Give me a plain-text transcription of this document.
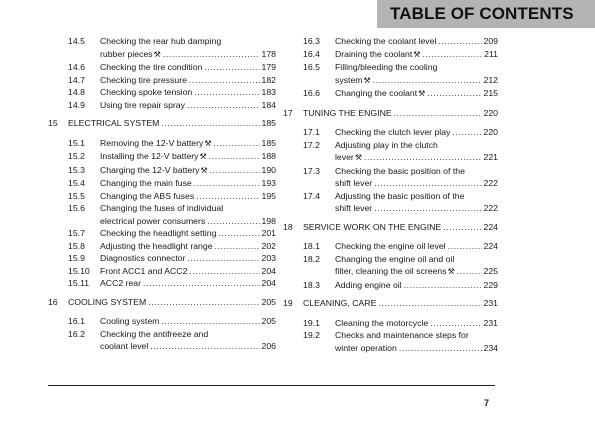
TABLE OF CONTENTS
14.5 Checking the rear hub damping
rubber pieces ⚒ .....	178
14.6 Checking the tire condition .....	179
14.7 Checking tire pressure .....	182
14.8 Checking spoke tension .....	183
14.9 Using tire repair spray .....	184
15 ELECTRICAL SYSTEM .....	185
15.1 Removing the 12-V battery ⚒ .....	185
15.2 Installing the 12-V battery ⚒ .....	188
15.3 Charging the 12-V battery ⚒ .....	190
15.4 Changing the main fuse .....	193
15.5 Changing the ABS fuses .....	195
15.6 Changing the fuses of individual
electrical power consumers .....	198
15.7 Checking the headlight setting .....	201
15.8 Adjusting the headlight range .....	202
15.9 Diagnostics connector .....	203
15.10 Front ACC1 and ACC2 .....	204
15.11 ACC2 rear .....	204
16 COOLING SYSTEM .....	205
16.1 Cooling system .....	205
16.2 Checking the antifreeze and
coolant level .....	206
16.3 Checking the coolant level .....	209
16.4 Draining the coolant ⚒ .....	211
16.5 Filling/bleeding the cooling
system ⚒ .....	212
16.6 Changing the coolant ⚒ .....	215
17 TUNING THE ENGINE .....	220
17.1 Checking the clutch lever play .....	220
17.2 Adjusting play in the clutch
lever ⚒ .....	221
17.3 Checking the basic position of the
shift lever .....	222
17.4 Adjusting the basic position of the
shift lever .....	222
18 SERVICE WORK ON THE ENGINE .....	224
18.1 Checking the engine oil level .....	224
18.2 Changing the engine oil and oil
filter, cleaning the oil screens ⚒ .....	225
18.3 Adding engine oil .....	229
19 CLEANING, CARE .....	231
19.1 Cleaning the motorcycle .....	231
19.2 Checks and maintenance steps for
winter operation .....	234
7
